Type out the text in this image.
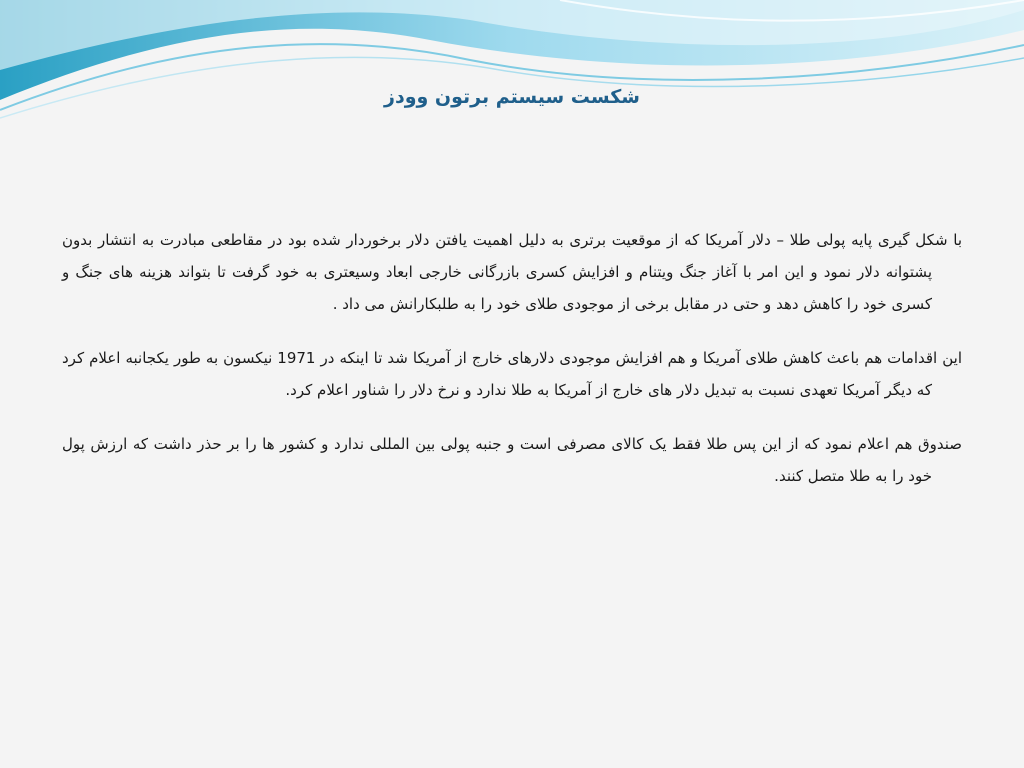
شکست سیستم برتون وودز

با شکل گیری پایه پولی طلا – دلار آمریکا که از موقعیت برتری به دلیل اهمیت یافتن دلار برخوردار شده بود در مقاطعی مبادرت به انتشار بدون پشتوانه دلار نمود و این امر با آغاز جنگ ویتنام و افزایش کسری بازرگانی خارجی ابعاد وسیعتری به خود گرفت تا بتواند هزینه های جنگ و کسری خود را کاهش دهد و حتی در مقابل برخی از موجودی طلای خود را به طلبکارانش می داد .

این اقدامات هم باعث کاهش طلای آمریکا و هم افزایش موجودی دلارهای خارج از آمریکا شد تا اینکه در 1971 نیکسون به طور یکجانبه اعلام کرد که دیگر آمریکا تعهدی نسبت به تبدیل دلار های خارج از آمریکا به طلا ندارد و نرخ دلار را شناور اعلام کرد.

صندوق هم اعلام نمود که از این پس طلا فقط یک کالای مصرفی است و جنبه پولی بین المللی ندارد و کشور ها را بر حذر داشت که ارزش پول خود را به طلا متصل کنند.
